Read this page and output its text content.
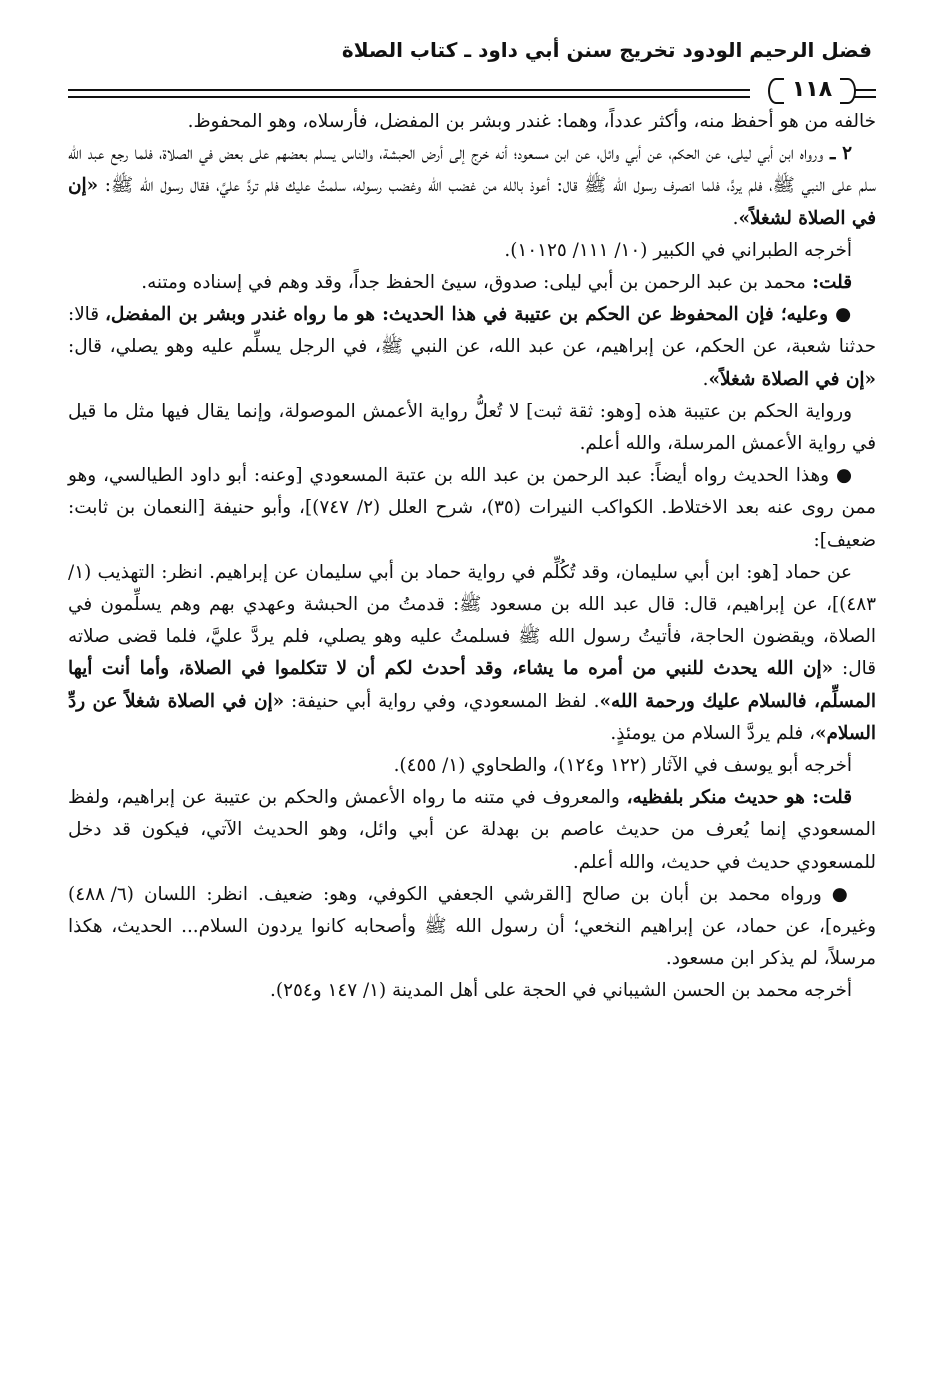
فضل الرحيم الودود تخريج سنن أبي داود ـ كتاب الصلاة
١١٨

خالفه من هو أحفظ منه، وأكثر عدداً، وهما: غندر وبشر بن المفضل، فأرسلاه، وهو المحفوظ.

٢ ـ ورواه ابن أبي ليلى، عن الحكم، عن أبي وائل، عن ابن مسعود؛ أنه خرج إلى أرض الحبشة، والناس يسلم بعضهم على بعض في الصلاة، فلما رجع عبد الله سلم على النبي ﷺ، فلم يردَّ، فلما انصرف رسول الله ﷺ قال: أعوذ بالله من غضب الله وغضب رسوله، سلمتُ عليك فلم تردَّ عليَّ، فقال رسول الله ﷺ: «إن في الصلاة لشغلاً».

أخرجه الطبراني في الكبير (١٠/ ١١١/ ١٠١٢٥).

قلت: محمد بن عبد الرحمن بن أبي ليلى: صدوق، سيئ الحفظ جداً، وقد وهم في إسناده ومتنه.

● وعليه؛ فإن المحفوظ عن الحكم بن عتيبة في هذا الحديث: هو ما رواه غندر وبشر بن المفضل، قالا: حدثنا شعبة، عن الحكم، عن إبراهيم، عن عبد الله، عن النبي ﷺ، في الرجل يسلِّم عليه وهو يصلي، قال: «إن في الصلاة شغلاً».

ورواية الحكم بن عتيبة هذه [وهو: ثقة ثبت] لا تُعلُّ رواية الأعمش الموصولة، وإنما يقال فيها مثل ما قيل في رواية الأعمش المرسلة، والله أعلم.

● وهذا الحديث رواه أيضاً: عبد الرحمن بن عبد الله بن عتبة المسعودي [وعنه: أبو داود الطيالسي، وهو ممن روى عنه بعد الاختلاط. الكواكب النيرات (٣٥)، شرح العلل (٢/ ٧٤٧)]، وأبو حنيفة [النعمان بن ثابت: ضعيف]:

عن حماد [هو: ابن أبي سليمان، وقد تُكُلِّم في رواية حماد بن أبي سليمان عن إبراهيم. انظر: التهذيب (١/ ٤٨٣)]، عن إبراهيم، قال: قال عبد الله بن مسعود ﷺ: قدمتُ من الحبشة وعهدي بهم وهم يسلِّمون في الصلاة، ويقضون الحاجة، فأتيتُ رسول الله ﷺ فسلمتُ عليه وهو يصلي، فلم يردَّ عليَّ، فلما قضى صلاته قال: «إن الله يحدث للنبي من أمره ما يشاء، وقد أحدث لكم أن لا تتكلموا في الصلاة، وأما أنت أيها المسلِّم، فالسلام عليك ورحمة الله». لفظ المسعودي، وفي رواية أبي حنيفة: «إن في الصلاة شغلاً عن ردِّ السلام»، فلم يردَّ السلام من يومئذٍ.

أخرجه أبو يوسف في الآثار (١٢٢ و١٢٤)، والطحاوي (١/ ٤٥٥).

قلت: هو حديث منكر بلفظيه، والمعروف في متنه ما رواه الأعمش والحكم بن عتيبة عن إبراهيم، ولفظ المسعودي إنما يُعرف من حديث عاصم بن بهدلة عن أبي وائل، وهو الحديث الآتي، فيكون قد دخل للمسعودي حديث في حديث، والله أعلم.

● ورواه محمد بن أبان بن صالح [القرشي الجعفي الكوفي، وهو: ضعيف. انظر: اللسان (٦/ ٤٨٨) وغيره]، عن حماد، عن إبراهيم النخعي؛ أن رسول الله ﷺ وأصحابه كانوا يردون السلام... الحديث، هكذا مرسلاً، لم يذكر ابن مسعود.

أخرجه محمد بن الحسن الشيباني في الحجة على أهل المدينة (١/ ١٤٧ و٢٥٤).
